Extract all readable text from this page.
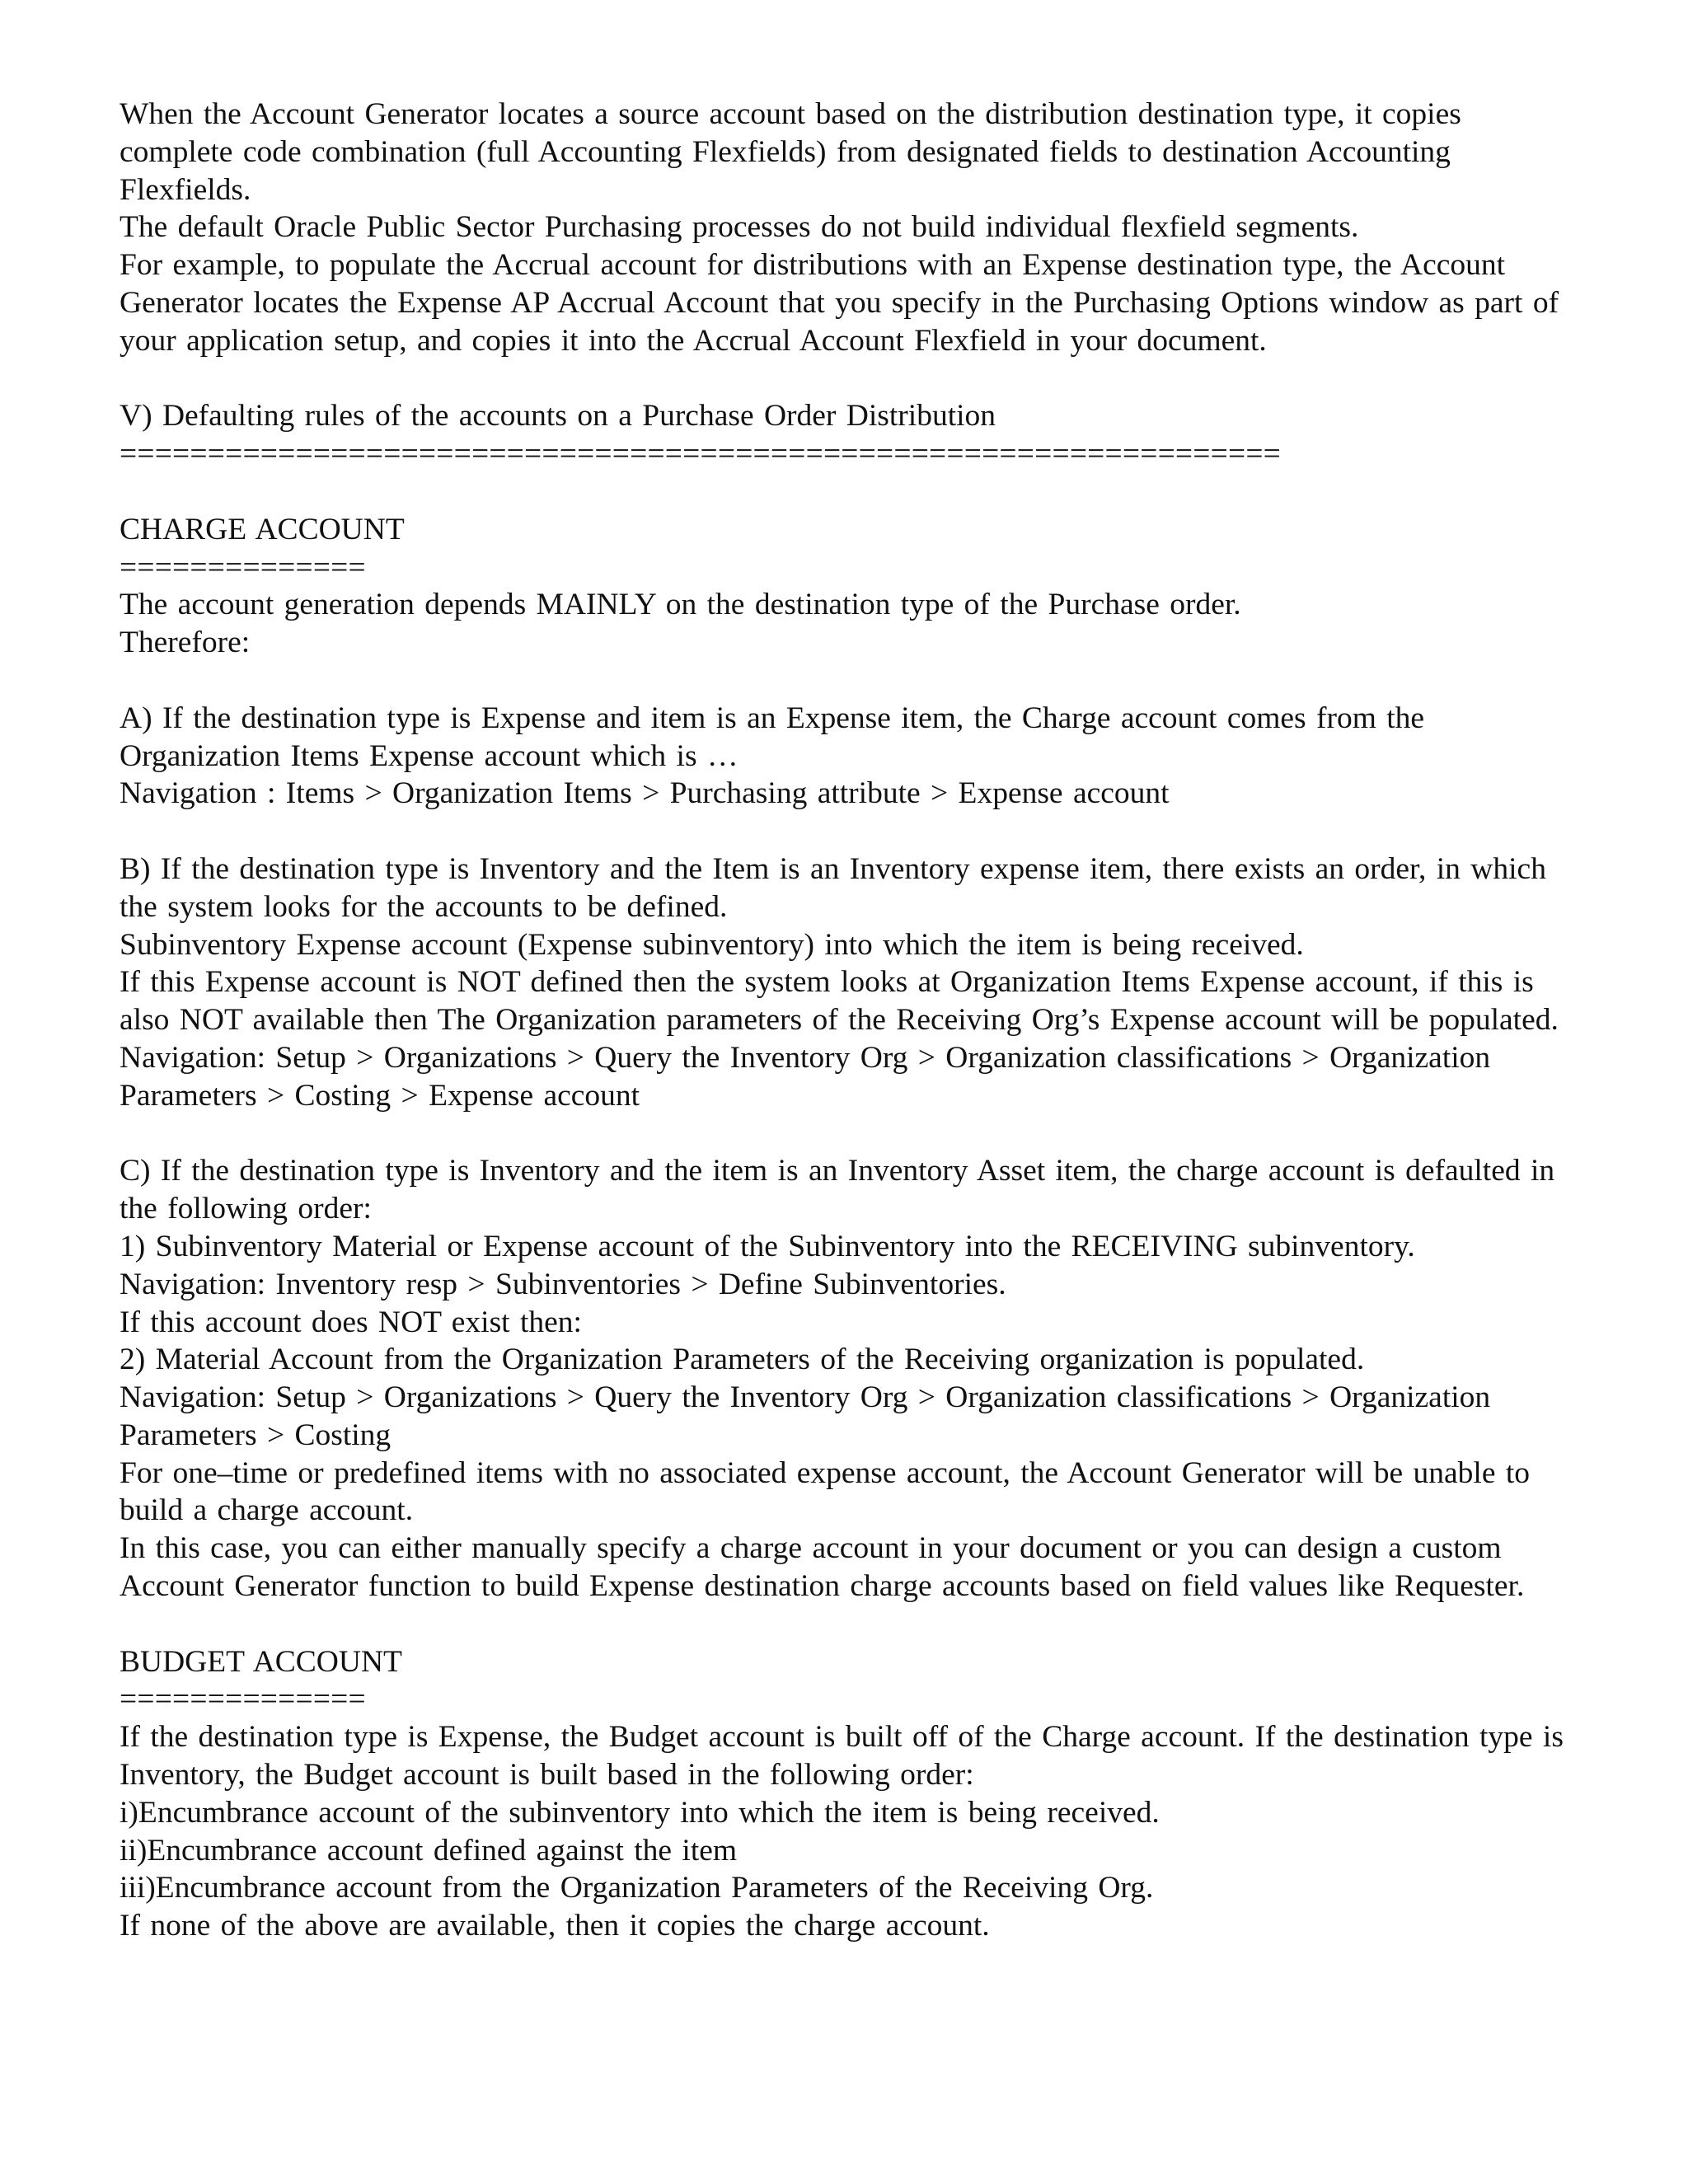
When the Account Generator locates a source account based on the distribution destination type, it copies
complete code combination (full Accounting Flexfields) from designated fields to destination Accounting
Flexfields.
The default Oracle Public Sector Purchasing processes do not build individual flexfield segments.
For example, to populate the Accrual account for distributions with an Expense destination type, the Account
Generator locates the Expense AP Accrual Account that you specify in the Purchasing Options window as part of
your application setup, and copies it into the Accrual Account Flexfield in your document.
V) Defaulting rules of the accounts on a Purchase Order Distribution
==================================================================
CHARGE ACCOUNT
==============
The account generation depends MAINLY on the destination type of the Purchase order.
Therefore:
A) If the destination type is Expense and item is an Expense item, the Charge account comes from the
Organization Items Expense account which is …
Navigation : Items > Organization Items > Purchasing attribute > Expense account
B) If the destination type is Inventory and the Item is an Inventory expense item, there exists an order, in which
the system looks for the accounts to be defined.
Subinventory Expense account (Expense subinventory) into which the item is being received.
If this Expense account is NOT defined then the system looks at Organization Items Expense account, if this is
also NOT available then The Organization parameters of the Receiving Org’s Expense account will be populated.
Navigation: Setup > Organizations > Query the Inventory Org > Organization classifications > Organization
Parameters > Costing > Expense account
C) If the destination type is Inventory and the item is an Inventory Asset item, the charge account is defaulted in
the following order:
1) Subinventory Material or Expense account of the Subinventory into the RECEIVING subinventory.
Navigation: Inventory resp > Subinventories > Define Subinventories.
If this account does NOT exist then:
2) Material Account from the Organization Parameters of the Receiving organization is populated.
Navigation: Setup > Organizations > Query the Inventory Org > Organization classifications > Organization
Parameters > Costing
For one–time or predefined items with no associated expense account, the Account Generator will be unable to
build a charge account.
In this case, you can either manually specify a charge account in your document or you can design a custom
Account Generator function to build Expense destination charge accounts based on field values like Requester.
BUDGET ACCOUNT
==============
If the destination type is Expense, the Budget account is built off of the Charge account. If the destination type is
Inventory, the Budget account is built based in the following order:
i)Encumbrance account of the subinventory into which the item is being received.
ii)Encumbrance account defined against the item
iii)Encumbrance account from the Organization Parameters of the Receiving Org.
If none of the above are available, then it copies the charge account.
